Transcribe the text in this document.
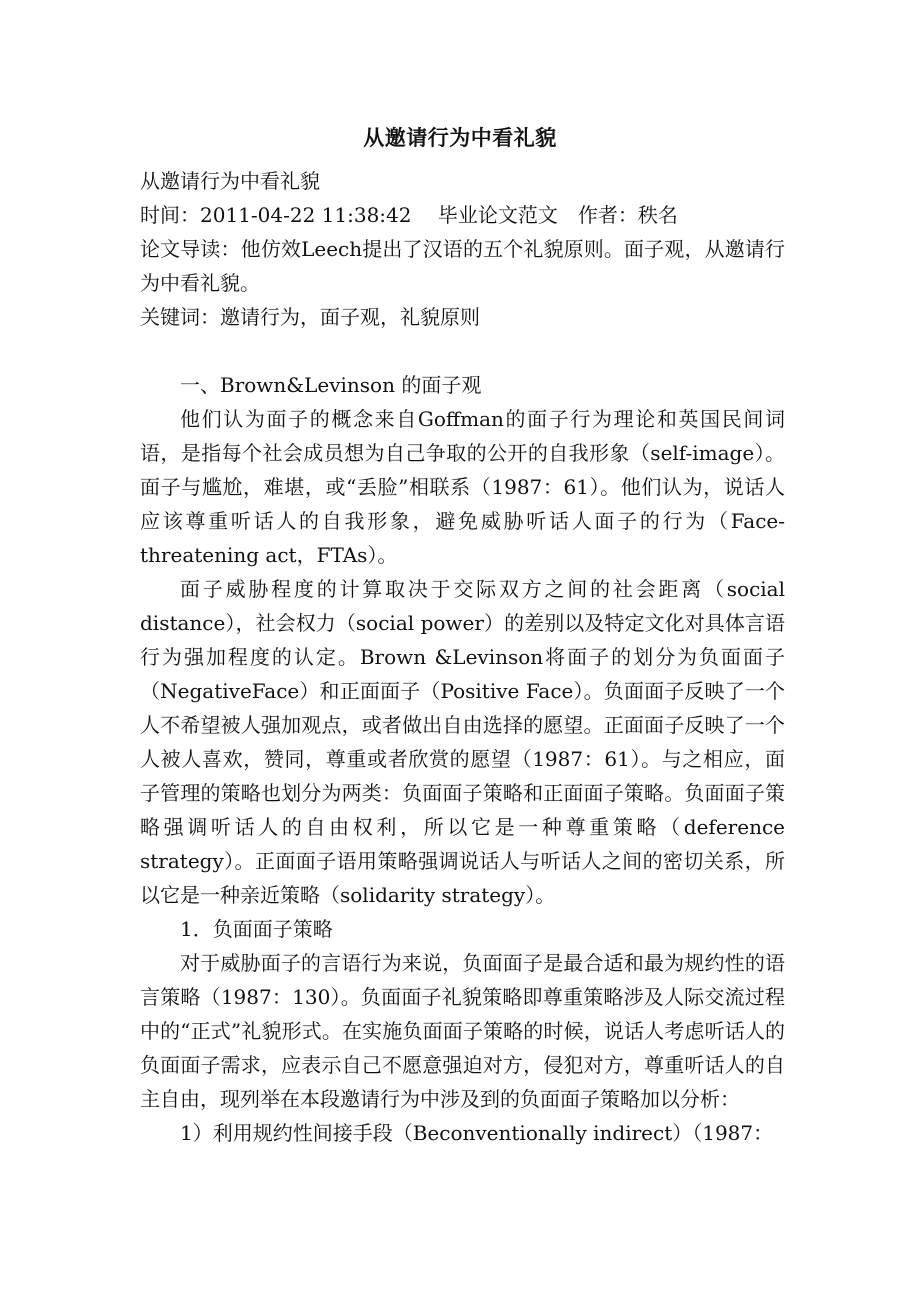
从邀请行为中看礼貌

从邀请行为中看礼貌

时间：2011-04-22 11:38:42　 毕业论文范文　作者：秩名

论文导读：他仿效Leech提出了汉语的五个礼貌原则。面子观，从邀请行为中看礼貌。

关键词：邀请行为，面子观，礼貌原则

一、Brown&Levinson 的面子观

他们认为面子的概念来自Goffman的面子行为理论和英国民间词语，是指每个社会成员想为自己争取的公开的自我形象（self-image）。面子与尴尬，难堪，或“丢脸”相联系（1987：61）。他们认为，说话人应该尊重听话人的自我形象，避免威胁听话人面子的行为（Face-threatening act，FTAs）。

面子威胁程度的计算取决于交际双方之间的社会距离（social distance），社会权力（social power）的差别以及特定文化对具体言语行为强加程度的认定。Brown &Levinson将面子的划分为负面面子（NegativeFace）和正面面子（Positive Face）。负面面子反映了一个人不希望被人强加观点，或者做出自由选择的愿望。正面面子反映了一个人被人喜欢，赞同，尊重或者欣赏的愿望（1987：61）。与之相应，面子管理的策略也划分为两类：负面面子策略和正面面子策略。负面面子策略强调听话人的自由权利，所以它是一种尊重策略（deference strategy）。正面面子语用策略强调说话人与听话人之间的密切关系，所以它是一种亲近策略（solidarity strategy）。

1．负面面子策略

对于威胁面子的言语行为来说，负面面子是最合适和最为规约性的语言策略（1987：130）。负面面子礼貌策略即尊重策略涉及人际交流过程中的“正式”礼貌形式。在实施负面面子策略的时候，说话人考虑听话人的负面面子需求，应表示自己不愿意强迫对方，侵犯对方，尊重听话人的自主自由，现列举在本段邀请行为中涉及到的负面面子策略加以分析：

1）利用规约性间接手段（Beconventionally indirect）（1987：
